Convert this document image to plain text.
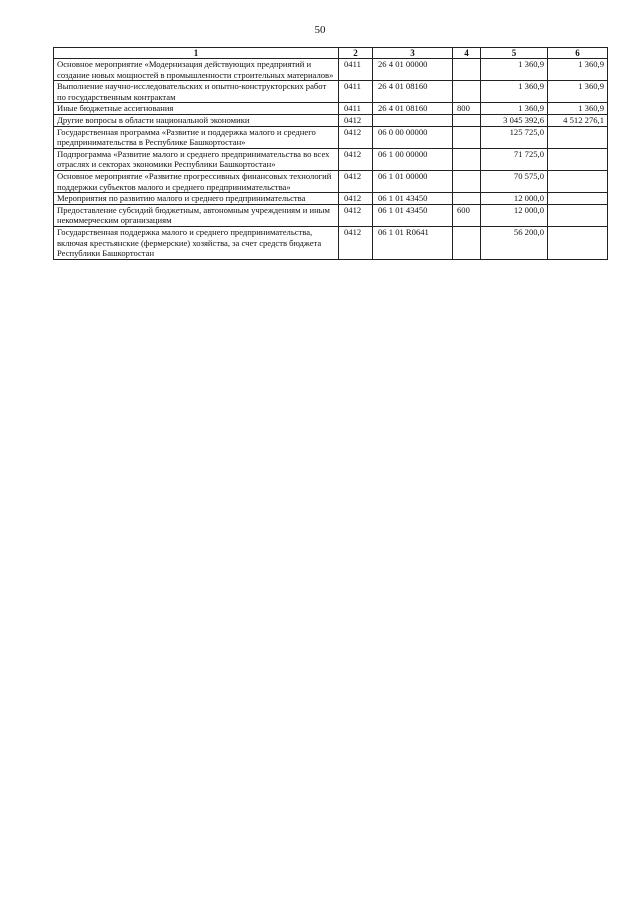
50
1	2	3	4	5	6
Основное мероприятие «Модернизация действующих предприятий и создание новых мощностей в промышленности строительных материалов»	0411	26 4 01 00000		1 360,9	1 360,9
Выполнение научно-исследовательских и опытно-конструкторских работ по государственным контрактам	0411	26 4 01 08160		1 360,9	1 360,9
Иные бюджетные ассигнования	0411	26 4 01 08160	800	1 360,9	1 360,9
Другие вопросы в области национальной экономики	0412			3 045 392,6	4 512 276,1
Государственная программа «Развитие и поддержка малого и среднего предпринимательства в Республике Башкортостан»	0412	06 0 00 00000		125 725,0	
Подпрограмма «Развитие малого и среднего предпринимательства во всех отраслях и секторах экономики Республики Башкортостан»	0412	06 1 00 00000		71 725,0	
Основное мероприятие «Развитие прогрессивных финансовых технологий поддержки субъектов малого и среднего предпринимательства»	0412	06 1 01 00000		70 575,0	
Мероприятия по развитию малого и среднего предпринимательства	0412	06 1 01 43450		12 000,0	
Предоставление субсидий бюджетным, автономным учреждениям и иным некоммерческим организациям	0412	06 1 01 43450	600	12 000,0	
Государственная поддержка малого и среднего предпринимательства, включая крестьянские (фермерские) хозяйства, за счет средств бюджета Республики Башкортостан	0412	06 1 01 R0641		56 200,0	
